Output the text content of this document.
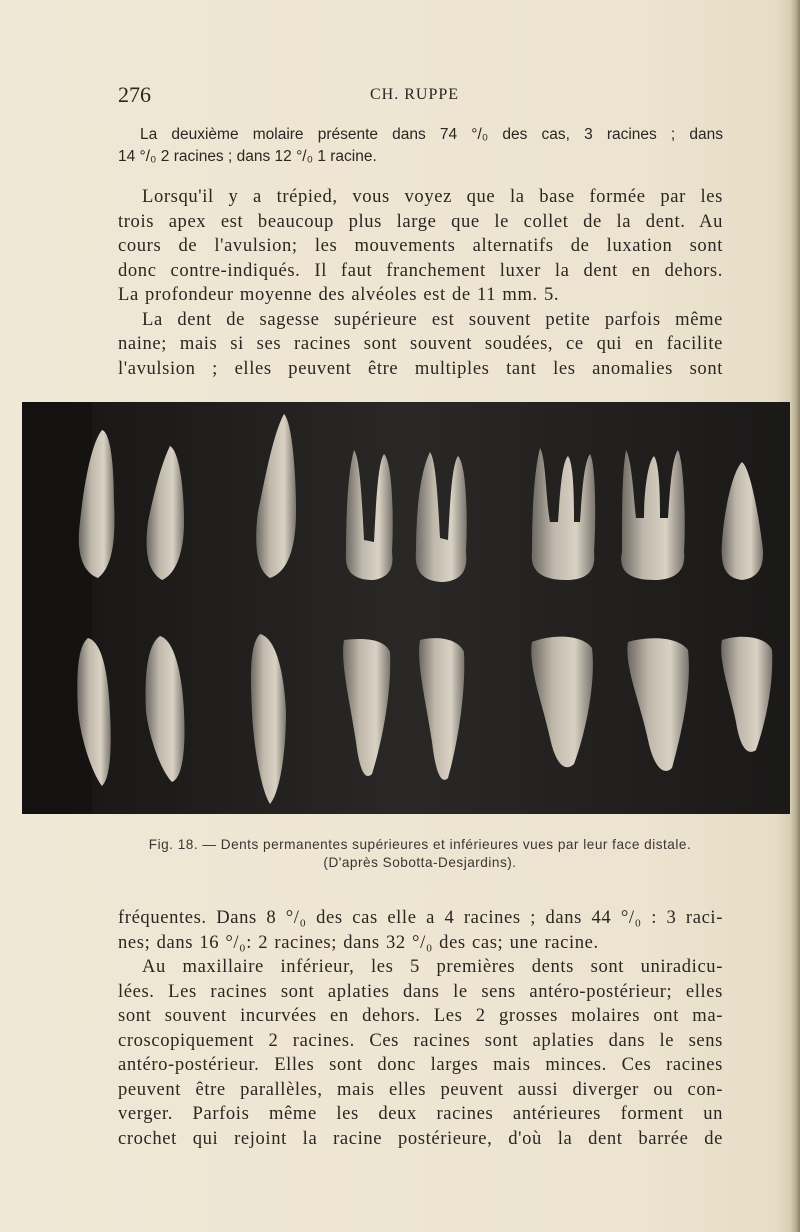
276	CH. RUPPE
La deuxième molaire présente dans 74 °/₀ des cas, 3 racines ; dans
14 °/₀ 2 racines ; dans 12 °/₀ 1 racine.
Lorsqu'il y a trépied, vous voyez que la base formée par les
trois apex est beaucoup plus large que le collet de la dent. Au
cours de l'avulsion; les mouvements alternatifs de luxation sont
donc contre-indiqués. Il faut franchement luxer la dent en dehors.
La profondeur moyenne des alvéoles est de 11 mm. 5.
La dent de sagesse supérieure est souvent petite parfois même
naine; mais si ses racines sont souvent soudées, ce qui en facilite
l'avulsion ; elles peuvent être multiples tant les anomalies sont
Fig. 18. — Dents permanentes supérieures et inférieures vues par leur face distale.
(D'après Sobotta-Desjardins).
fréquentes. Dans 8 °/₀ des cas elle a 4 racines ; dans 44 °/₀ : 3 raci-
nes; dans 16 °/₀: 2 racines; dans 32 °/₀ des cas; une racine.
Au maxillaire inférieur, les 5 premières dents sont uniradicu-
lées. Les racines sont aplaties dans le sens antéro-postérieur; elles
sont souvent incurvées en dehors. Les 2 grosses molaires ont ma-
croscopiquement 2 racines. Ces racines sont aplaties dans le sens
antéro-postérieur. Elles sont donc larges mais minces. Ces racines
peuvent être parallèles, mais elles peuvent aussi diverger ou con-
verger. Parfois même les deux racines antérieures forment un
crochet qui rejoint la racine postérieure, d'où la dent barrée de
